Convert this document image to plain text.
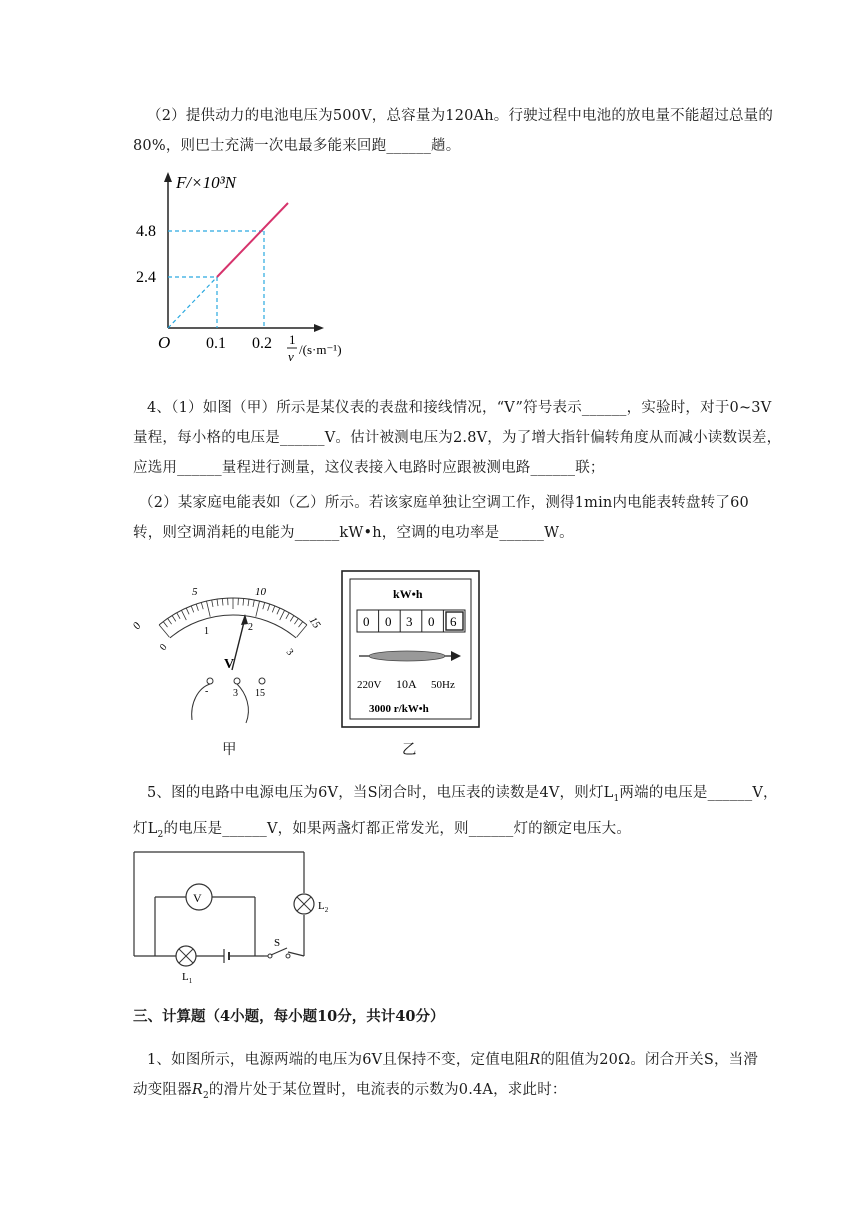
（2）提供动力的电池电压为500V，总容量为120Ah。行驶过程中电池的放电量不能超过总量的
80%，则巴士充满一次电最多能来回跑______趟。
F/×10³N
4.8
2.4
O 0.1 0.2 1
v /(s·m⁻¹)
4、（1）如图（甲）所示是某仪表的表盘和接线情况，“V”符号表示______，实验时，对于0~3V
量程，每小格的电压是______V。估计被测电压为2.8V，为了增大指针偏转角度从而减小读数误差，
应选用______量程进行测量，这仪表接入电路时应跟被测电路______联；
（2）某家庭电能表如（乙）所示。若该家庭单独让空调工作，测得1min内电能表转盘转了60
转，则空调消耗的电能为______kW•h，空调的电功率是______W。
0
5	10
15
0
1	2
3
V
- 3 15
甲
kW•h
0 0 3 0 6
220V 10A 50Hz
3000 r/kW•h
乙
5、图的电路中电源电压为6V，当S闭合时，电压表的读数是4V，则灯$L_1$两端的电压是______V，
灯$L_2$的电压是______V，如果两盏灯都正常发光，则______灯的额定电压大。
V
$L_1$
S
$L_2$
三、计算题（4小题，每小题10分，共计40分）
1、如图所示，电源两端的电压为6V且保持不变，定值电阻R的阻值为20Ω。闭合开关S，当滑
动变阻器$R_2$的滑片处于某位置时，电流表的示数为0.4A，求此时：
